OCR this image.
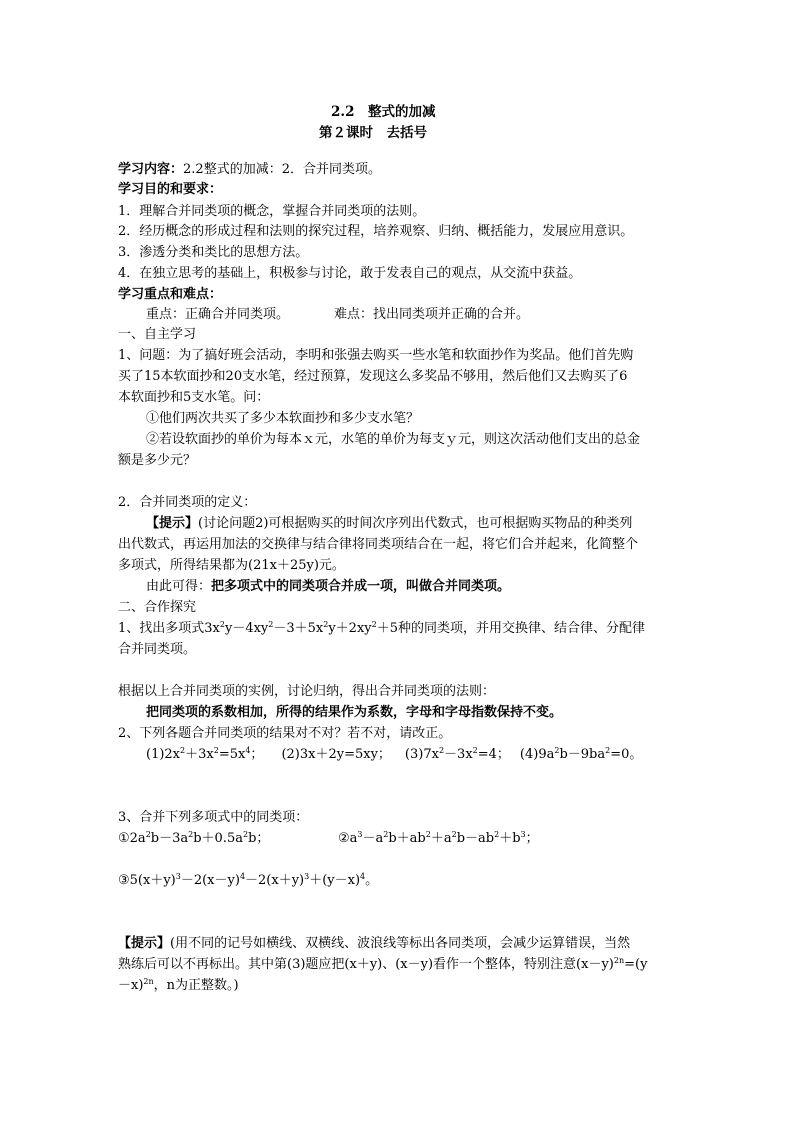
2.2　整式的加减
第２课时　去括号
学习内容：2.2整式的加减：2．合并同类项。
学习目的和要求：
1．理解合并同类项的概念，掌握合并同类项的法则。
2．经历概念的形成过程和法则的探究过程，培养观察、归纳、概括能力，发展应用意识。
3．渗透分类和类比的思想方法。
4．在独立思考的基础上，积极参与讨论，敢于发表自己的观点，从交流中获益。
学习重点和难点：
重点：正确合并同类项。	难点：找出同类项并正确的合并。
一、自主学习
1、问题：为了搞好班会活动，李明和张强去购买一些水笔和软面抄作为奖品。他们首先购
买了15本软面抄和20支水笔，经过预算，发现这么多奖品不够用，然后他们又去购买了6
本软面抄和5支水笔。问：
①他们两次共买了多少本软面抄和多少支水笔？
②若设软面抄的单价为每本ｘ元，水笔的单价为每支ｙ元，则这次活动他们支出的总金
额是多少元？
2．合并同类项的定义：
【提示】(讨论问题2)可根据购买的时间次序列出代数式，也可根据购买物品的种类列
出代数式，再运用加法的交换律与结合律将同类项结合在一起，将它们合并起来，化简整个
多项式，所得结果都为(21x＋25y)元。
由此可得：把多项式中的同类项合并成一项，叫做合并同类项。
二、合作探究
1、找出多项式$3x^2y-4xy^2-3+5x^2y+2xy^2+5$种的同类项，并用交换律、结合律、分配律
合并同类项。
根据以上合并同类项的实例，讨论归纳，得出合并同类项的法则：
把同类项的系数相加，所得的结果作为系数，字母和字母指数保持不变。
2、下列各题合并同类项的结果对不对？若不对，请改正。
$(1)2x^2+3x^2=5x^4$； (2)3x＋2y=5xy； $(3)7x^2-3x^2=4$； $(4)9a^2b-9ba^2=0$。
3、合并下列多项式中的同类项：
$①2a^2b-3a^2b+0.5a^2b$；	$②a^3-a^2b+ab^2+a^2b-ab^2+b^3$；
$③5(x+y)^3-2(x-y)^4-2(x+y)^3+(y-x)^4$。
【提示】(用不同的记号如横线、双横线、波浪线等标出各同类项，会减少运算错误，当然
熟练后可以不再标出。其中第(3)题应把(x＋y)、(x－y)看作一个整体，特别注意$(x-y)^{2n}=(y$
－x)$^{2n}$，n为正整数。)
